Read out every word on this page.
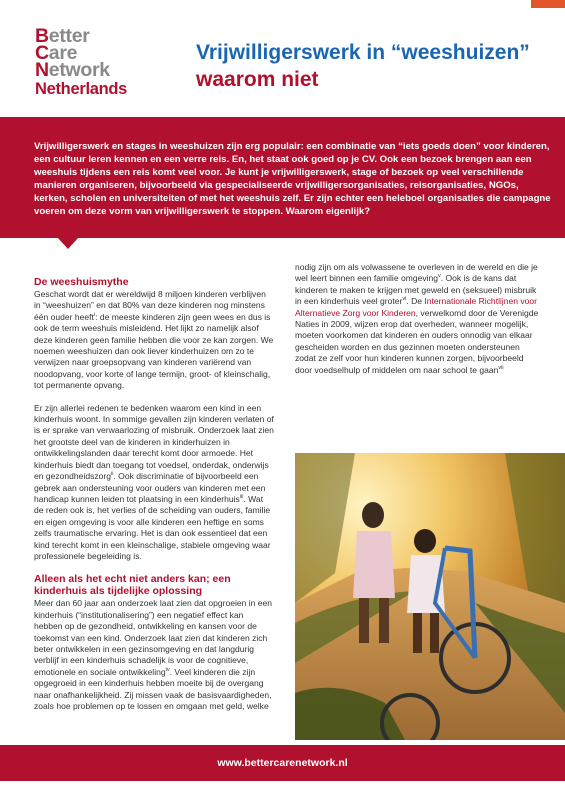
Better
Care
Network
Netherlands
Vrijwilligerswerk in “weeshuizen”
waarom niet

Vrijwilligerswerk en stages in weeshuizen zijn erg populair: een combinatie van “iets goeds doen” voor kinderen, een cultuur leren kennen en een verre reis. En, het staat ook goed op je CV. Ook een bezoek brengen aan een weeshuis tijdens een reis komt veel voor. Je kunt je vrijwilligerswerk, stage of bezoek op veel verschillende manieren organiseren, bijvoorbeeld via gespecialiseerde vrijwilligersorganisaties, reisorganisaties, NGOs, kerken, scholen en universiteiten of met het weeshuis zelf. Er zijn echter een heleboel organisaties die campagne voeren om deze vorm van vrijwilligerswerk te stoppen. Waarom eigenlijk?

De weeshuismythe

Geschat wordt dat er wereldwijd 8 miljoen kinderen verblijven in “weeshuizen” en dat 80% van deze kinderen nog minstens één ouder heeft$^i$: de meeste kinderen zijn geen wees en dus is ook de term weeshuis misleidend. Het lijkt zo namelijk alsof deze kinderen geen familie hebben die voor ze kan zorgen. We noemen weeshuizen dan ook liever kinderhuizen om zo te verwijzen naar groepsopvang van kinderen variërend van noodopvang, voor korte of lange termijn, groot- of kleinschalig, tot permanente opvang.

Er zijn allerlei redenen te bedenken waarom een kind in een kinderhuis woont. In sommige gevallen zijn kinderen verlaten of is er sprake van verwaarlozing of misbruik. Onderzoek laat zien het grootste deel van de kinderen in kinderhuizen in ontwikkelingslanden daar terecht komt door armoede. Het kinderhuis biedt dan toegang tot voedsel, onderdak, onderwijs en gezondheidszorg$^{ii}$. Ook discriminatie of bijvoorbeeld een gebrek aan ondersteuning voor ouders van kinderen met een handicap kunnen leiden tot plaatsing in een kinderhuis$^{iii}$. Wat de reden ook is, het verlies of de scheiding van ouders, familie en eigen omgeving is voor alle kinderen een heftige en soms zelfs traumatische ervaring. Het is dan ook essentieel dat een kind terecht komt in een kleinschalige, stabiele omgeving waar professionele begeleiding is.

Alleen als het echt niet anders kan; een kinderhuis als tijdelijke oplossing

Meer dan 60 jaar aan onderzoek laat zien dat opgroeien in een kinderhuis (“institutionalisering”) een negatief effect kan hebben op de gezondheid, ontwikkeling en kansen voor de toekomst van een kind. Onderzoek laat zien dat kinderen zich beter ontwikkelen in een gezinsomgeving en dat langdurig verblijf in een kinderhuis schadelijk is voor de cognitieve, emotionele en sociale ontwikkeling$^{iv}$. Veel kinderen die zijn opgegroeid in een kinderhuis hebben moeite bij de overgang naar onafhankelijkheid. Zij missen vaak de basisvaardigheden, zoals hoe problemen op te lossen en omgaan met geld, welke

nodig zijn om als volwassene te overleven in de wereld en die je wel leert binnen een familie omgeving$^v$. Ook is de kans dat kinderen te maken te krijgen met geweld en (seksueel) misbruik in een kinderhuis veel groter$^{vi}$. De Internationale Richtlijnen voor Alternatieve Zorg voor Kinderen, verwelkomd door de Verenigde Naties in 2009, wijzen erop dat overheden, wanneer mogelijk, moeten voorkomen dat kinderen en ouders onnodig van elkaar gescheiden worden en dus gezinnen moeten ondersteunen zodat ze zelf voor hun kinderen kunnen zorgen, bijvoorbeeld door voedselhulp of middelen om naar school te gaan$^{vii}$

www.bettercarenetwork.nl
